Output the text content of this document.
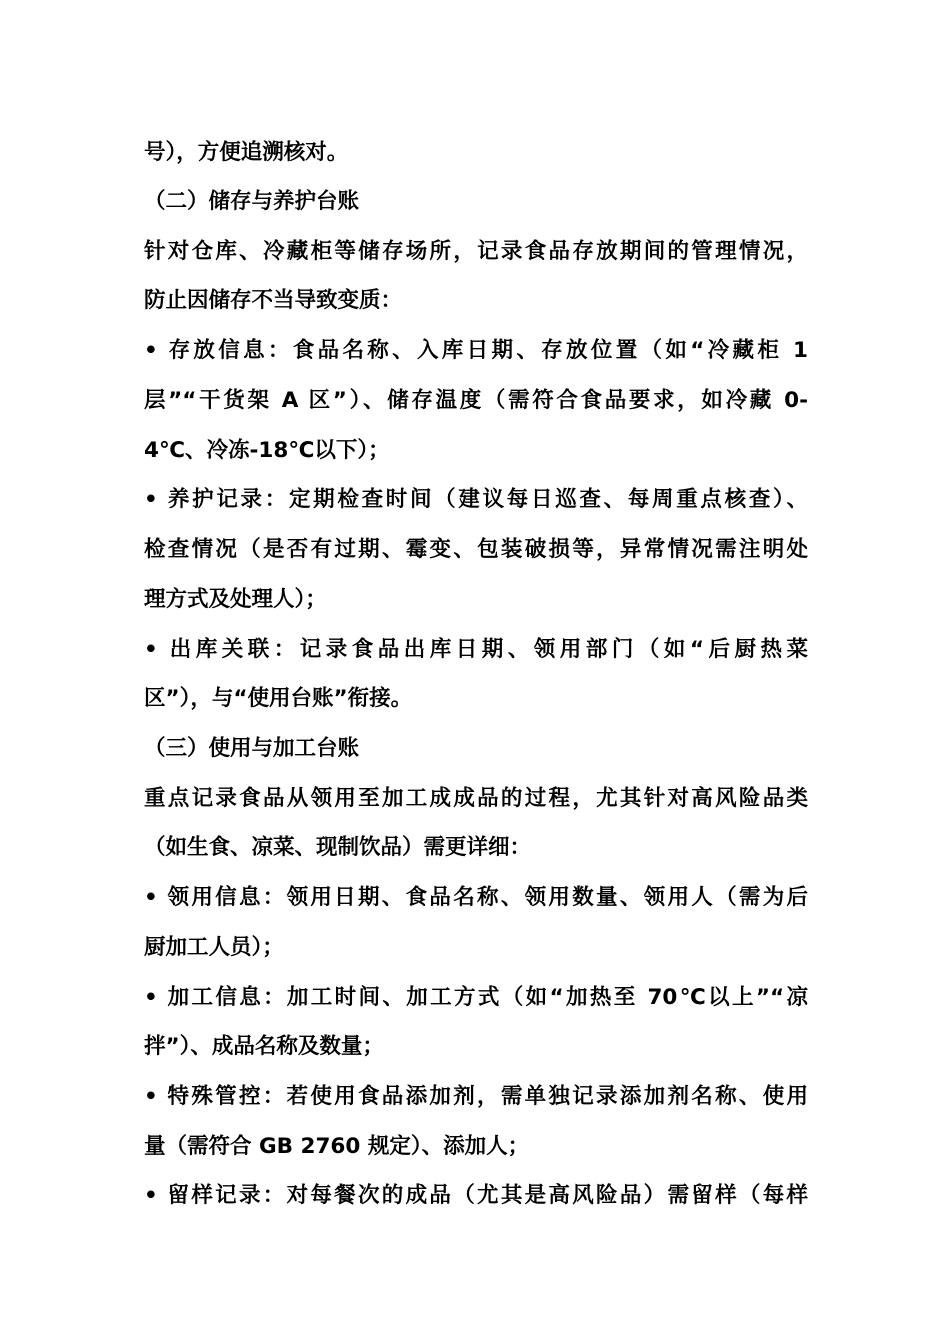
号），方便追溯核对。
（二）储存与养护台账
针对仓库、冷藏柜等储存场所，记录食品存放期间的管理情况，
防止因储存不当导致变质：
• 存放信息：食品名称、入库日期、存放位置（如“冷藏柜 1
层”“干货架 A 区”）、储存温度（需符合食品要求，如冷藏 0-
4℃、冷冻-18℃以下）；
• 养护记录：定期检查时间（建议每日巡查、每周重点核查）、
检查情况（是否有过期、霉变、包装破损等，异常情况需注明处
理方式及处理人）；
• 出库关联：记录食品出库日期、领用部门（如“后厨热菜
区”），与“使用台账”衔接。
（三）使用与加工台账
重点记录食品从领用至加工成成品的过程，尤其针对高风险品类
（如生食、凉菜、现制饮品）需更详细：
• 领用信息：领用日期、食品名称、领用数量、领用人（需为后
厨加工人员）；
• 加工信息：加工时间、加工方式（如“加热至 70℃以上”“凉
拌”）、成品名称及数量；
• 特殊管控：若使用食品添加剂，需单独记录添加剂名称、使用
量（需符合 GB 2760 规定）、添加人；
• 留样记录：对每餐次的成品（尤其是高风险品）需留样（每样
